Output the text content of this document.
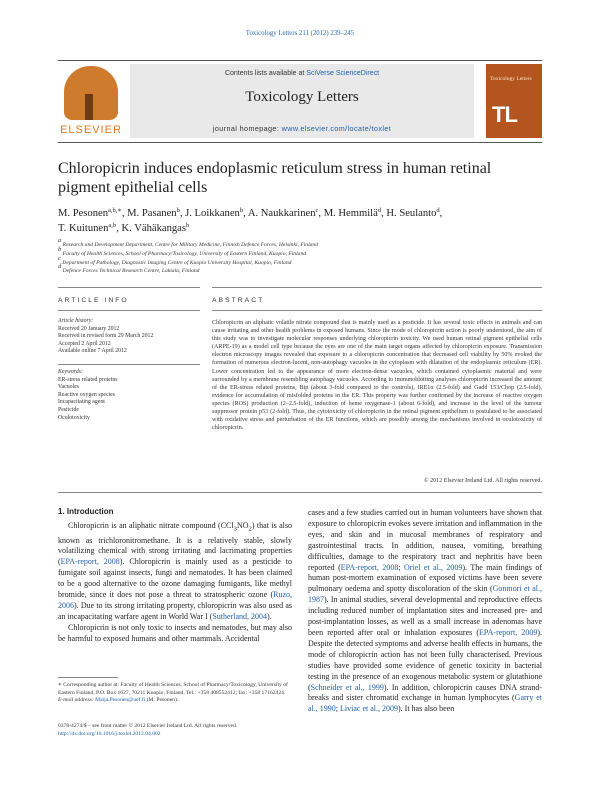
Toxicology Letters 211 (2012) 239–245
ELSEVIER
Contents lists available at SciVerse ScienceDirect
Toxicology Letters
journal homepage: www.elsevier.com/locate/toxlet
Toxicology Letters
TL
Chloropicrin induces endoplasmic reticulum stress in human retinal pigment epithelial cells
M. Pesonen$^{a,b,∗}$, M. Pasanen$^b$, J. Loikkanen$^b$, A. Naukkarinen$^c$, M. Hemmilä$^d$, H. Seulanto$^d$,
T. Kuitunen$^{a,b}$, K. Vähäkangas$^b$
$^a$ Research and Development Department, Centre for Military Medicine, Finnish Defence Forces, Helsinki, Finland
$^b$ Faculty of Health Sciences, School of Pharmacy/Toxicology, University of Eastern Finland, Kuopio, Finland
$^c$ Department of Pathology, Diagnostic Imaging Centre of Kuopio University Hospital, Kuopio, Finland
$^d$ Defence Forces Technical Research Centre, Lakiala, Finland
ARTICLE INFO
Article history:
Received 20 January 2012
Received in revised form 29 March 2012
Accepted 2 April 2012
Available online 7 April 2012
Keywords:
ER-stress related proteins
Vacuoles
Reactive oxygen species
Incapacitating agent
Pesticide
Oculotoxicity
ABSTRACT
Chloropicrin an aliphatic volatile nitrate compound that is mainly used as a pesticide. It has several toxic effects in animals and can cause irritating and other health problems in exposed humans. Since the mode of chloropicrin action is poorly understood, the aim of this study was to investigate molecular responses underlying chloropicrin toxicity. We used human retinal pigment epithelial cells (ARPE-19) as a model cell type because the eyes are one of the main target organs affected by chloropicrin exposure. Transmission electron microscopy images revealed that exposure to a chloropicrin concentration that decreased cell viability by 50% evoked the formation of numerous electron-lucent, non-autophagy vacuoles in the cytoplasm with dilatation of the endoplasmic reticulum (ER). Lower concentration led to the appearance of more electron-dense vacuoles, which contained cytoplasmic material and were surrounded by a membrane resembling autophagy vacuoles. According to immunoblotting analyses chloropicrin increased the amount of the ER-stress related proteins, Bip (about 3-fold compared to the controls), IRE1α (2.5-fold) and Gadd 153/Chop (2.5-fold), evidence for accumulation of misfolded proteins in the ER. This property was further confirmed by the increase of reactive oxygen species (ROS) production (2–2.5-fold), induction of heme oxygenase-1 (about 6-fold), and increase in the level of the tumour suppressor protein p53 (2-fold). Thus, the cytotoxicity of chloropicrin in the retinal pigment epithelium is postulated to be associated with oxidative stress and perturbation of the ER functions, which are possibly among the mechanisms involved in oculotoxicity of chloropicrin.
© 2012 Elsevier Ireland Ltd. All rights reserved.
1. Introduction

Chloropicrin is an aliphatic nitrate compound $(CCl_3NO_2)$ that is also known as trichloronitromethane. It is a relatively stable, slowly volatilizing chemical with strong irritating and lacrimating properties (EPA-report, 2008). Chloropicrin is mainly used as a pesticide to fumigate soil against insects, fungi and nematodes. It has been claimed to be a good alternative to the ozone damaging fumigants, like methyl bromide, since it does not pose a threat to stratospheric ozone (Ruzo, 2006). Due to its strong irritating property, chloropicrin was also used as an incapacitating warfare agent in World War I (Sutherland, 2004).

Chloropicrin is not only toxic to insects and nematodes, but may also be harmful to exposed humans and other mammals. Accidental

cases and a few studies carried out in human volunteers have shown that exposure to chloropicrin evokes severe irritation and inflammation in the eyes, and skin and in mucosal membranes of respiratory and gastrointestinal tracts. In addition, nausea, vomiting, breathing difficulties, damage to the respiratory tract and nephritis have been reported (EPA-report, 2008; Oriel et al., 2009). The main findings of human post-mortem examination of exposed victims have been severe pulmonary oedema and spotty discoloration of the skin (Gonmori et al., 1987). In animal studies, several developmental and reproductive effects including reduced number of implantation sites and increased pre- and post-implantation losses, as well as a small increase in adenomas have been reported after oral or inhalation exposures (EPA-report, 2009). Despite the detected symptoms and adverse health effects in humans, the mode of chloropicrin action has not been fully characterised. Previous studies have provided some evidence of genetic toxicity in bacterial testing in the presence of an exogenous metabolic system or glutathione (Schneider et al., 1999). In addition, chloropicrin causes DNA strand-breaks and sister chromatid exchange in human lymphocytes (Garry et al., 1990; Liviac et al., 2009). It has also been

∗ Corresponding author at: Faculty of Health Sciences, School of Pharmacy/Toxicology, University of Eastern Finland, P.O. Box 1627, 70211 Kuopio, Finland. Tel.: +358 408552412; fax: +358 17162424.
E-mail address: Maija.Pesonen@uef.fi (M. Pesonen).
0378-4274/$ – see front matter © 2012 Elsevier Ireland Ltd. All rights reserved.
http://dx.doi.org/10.1016/j.toxlet.2012.04.002
